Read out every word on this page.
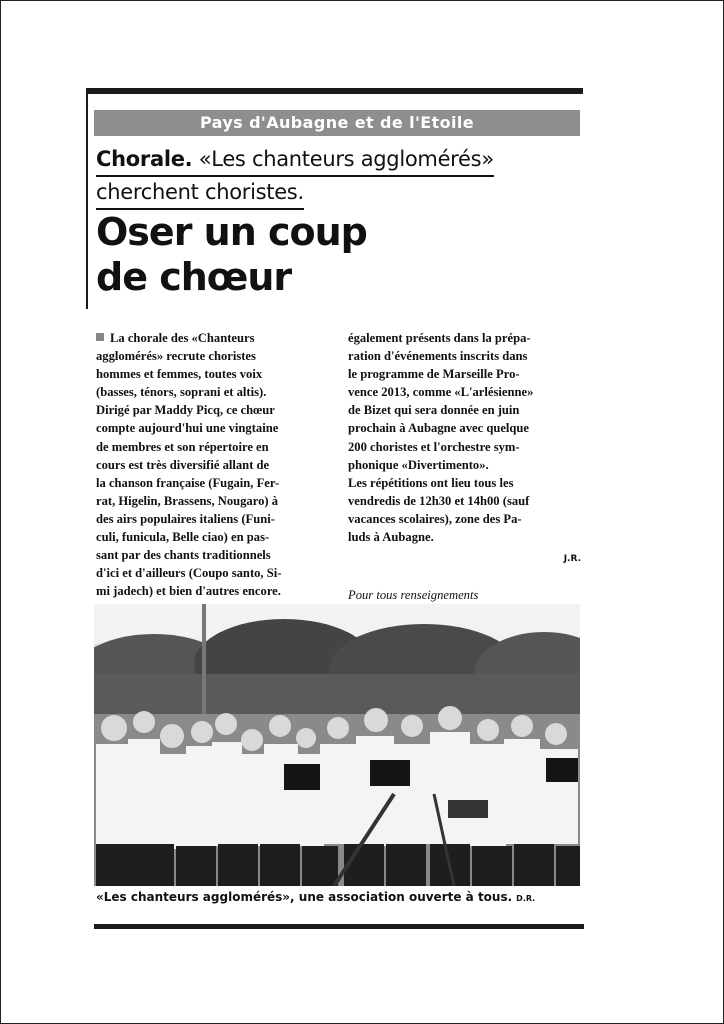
Pays d'Aubagne et de l'Etoile
Chorale. «Les chanteurs agglomérés»
cherchent choristes.
Oser un coup
de chœur
La chorale des «Chanteurs
agglomérés» recrute choristes
hommes et femmes, toutes voix
(basses, ténors, soprani et altis).
Dirigé par Maddy Picq, ce chœur
compte aujourd'hui une vingtaine
de membres et son répertoire en
cours est très diversifié allant de
la chanson française (Fugain, Fer-
rat, Higelin, Brassens, Nougaro) à
des airs populaires italiens (Funi-
culi, funicula, Belle ciao) en pas-
sant par des chants traditionnels
d'ici et d'ailleurs (Coupo santo, Si-
mi jadech) et bien d'autres encore.
également présents dans la prépa-
ration d'événements inscrits dans
le programme de Marseille Pro-
vence 2013, comme «L'arlésienne»
de Bizet qui sera donnée en juin
prochain à Aubagne avec quelque
200 choristes et l'orchestre sym-
phonique «Divertimento».
Les répétitions ont lieu tous les
vendredis de 12h30 et 14h00 (sauf
vacances scolaires), zone des Pa-
luds à Aubagne.
J.R.
Pour tous renseignements
«Les chanteurs agglomérés», une association ouverte à tous. D.R.
